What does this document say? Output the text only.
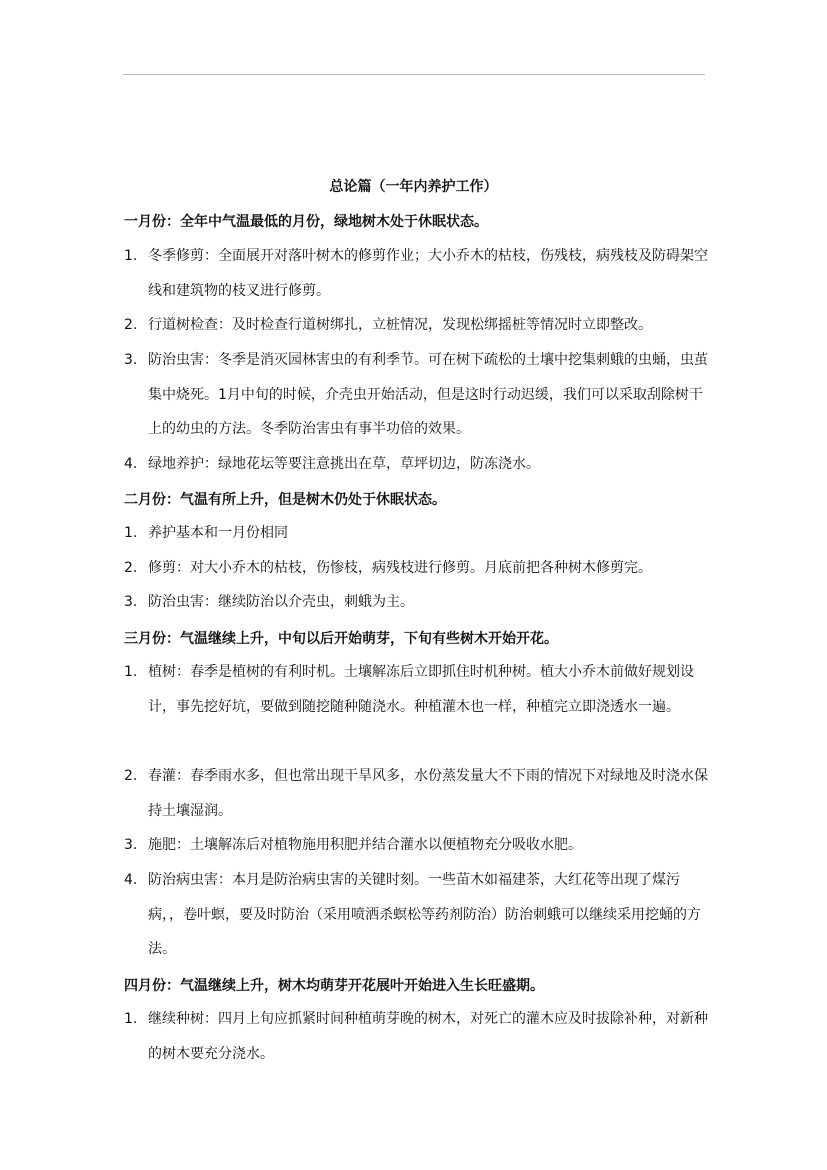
总论篇（一年内养护工作）
一月份：全年中气温最低的月份，绿地树木处于休眠状态。
1. 冬季修剪：全面展开对落叶树木的修剪作业；大小乔木的枯枝，伤残枝，病残枝及防碍架空线和建筑物的枝叉进行修剪。
2. 行道树检查：及时检查行道树绑扎，立桩情况，发现松绑摇桩等情况时立即整改。
3. 防治虫害：冬季是消灭园林害虫的有利季节。可在树下疏松的土壤中挖集刺蛾的虫蛹，虫茧集中烧死。1月中旬的时候，介壳虫开始活动，但是这时行动迟缓，我们可以采取刮除树干上的幼虫的方法。冬季防治害虫有事半功倍的效果。
4. 绿地养护：绿地花坛等要注意挑出在草，草坪切边，防冻浇水。
二月份：气温有所上升，但是树木仍处于休眠状态。
1. 养护基本和一月份相同
2. 修剪：对大小乔木的枯枝，伤惨枝，病残枝进行修剪。月底前把各种树木修剪完。
3. 防治虫害：继续防治以介壳虫，刺蛾为主。
三月份：气温继续上升，中旬以后开始萌芽，下旬有些树木开始开花。
1. 植树：春季是植树的有利时机。土壤解冻后立即抓住时机种树。植大小乔木前做好规划设计，事先挖好坑，要做到随挖随种随浇水。种植灌木也一样，种植完立即浇透水一遍。
2. 春灌：春季雨水多，但也常出现干旱风多，水份蒸发量大不下雨的情况下对绿地及时浇水保持土壤湿润。
3. 施肥：土壤解冻后对植物施用积肥并结合灌水以便植物充分吸收水肥。
4. 防治病虫害：本月是防治病虫害的关键时刻。一些苗木如福建茶，大红花等出现了煤污病，，卷叶螟，要及时防治（采用喷洒杀螟松等药剂防治）防治刺蛾可以继续采用挖蛹的方法。
四月份：气温继续上升，树木均萌芽开花展叶开始进入生长旺盛期。
1. 继续种树：四月上旬应抓紧时间种植萌芽晚的树木，对死亡的灌木应及时拔除补种，对新种的树木要充分浇水。
